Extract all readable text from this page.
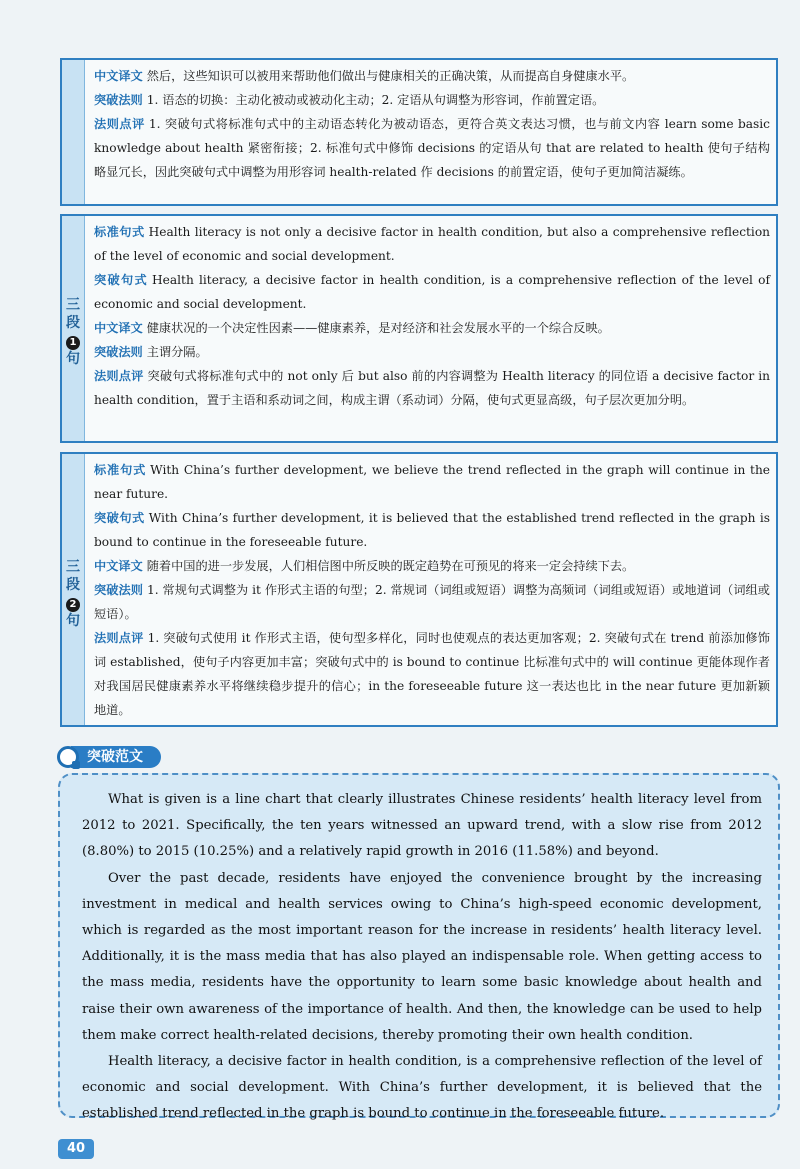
中文译文 然后，这些知识可以被用来帮助他们做出与健康相关的正确决策，从而提高自身健康水平。

突破法则 1. 语态的切换：主动化被动或被动化主动；2. 定语从句调整为形容词，作前置定语。

法则点评 1. 突破句式将标准句式中的主动语态转化为被动语态，更符合英文表达习惯，也与前文内容 learn some basic knowledge about health 紧密衔接；2. 标准句式中修饰 decisions 的定语从句 that are related to health 使句子结构略显冗长，因此突破句式中调整为用形容词 health-related 作 decisions 的前置定语，使句子更加简洁凝练。

三
段
1
句

标准句式 Health literacy is not only a decisive factor in health condition, but also a comprehensive reflection of the level of economic and social development.

突破句式 Health literacy, a decisive factor in health condition, is a comprehensive reflection of the level of economic and social development.

中文译文 健康状况的一个决定性因素——健康素养，是对经济和社会发展水平的一个综合反映。

突破法则 主谓分隔。

法则点评 突破句式将标准句式中的 not only 后 but also 前的内容调整为 Health literacy 的同位语 a decisive factor in health condition，置于主语和系动词之间，构成主谓（系动词）分隔，使句式更显高级，句子层次更加分明。

三
段
2
句

标准句式 With China’s further development, we believe the trend reflected in the graph will continue in the near future.

突破句式 With China’s further development, it is believed that the established trend reflected in the graph is bound to continue in the foreseeable future.

中文译文 随着中国的进一步发展，人们相信图中所反映的既定趋势在可预见的将来一定会持续下去。

突破法则 1. 常规句式调整为 it 作形式主语的句型；2. 常规词（词组或短语）调整为高频词（词组或短语）或地道词（词组或短语）。

法则点评 1. 突破句式使用 it 作形式主语，使句型多样化，同时也使观点的表达更加客观；2. 突破句式在 trend 前添加修饰词 established，使句子内容更加丰富；突破句式中的 is bound to continue 比标准句式中的 will continue 更能体现作者对我国居民健康素养水平将继续稳步提升的信心；in the foreseeable future 这一表达也比 in the near future 更加新颖地道。

突破范文

What is given is a line chart that clearly illustrates Chinese residents’ health literacy level from 2012 to 2021. Specifically, the ten years witnessed an upward trend, with a slow rise from 2012 (8.80%) to 2015 (10.25%) and a relatively rapid growth in 2016 (11.58%) and beyond.

Over the past decade, residents have enjoyed the convenience brought by the increasing investment in medical and health services owing to China’s high-speed economic development, which is regarded as the most important reason for the increase in residents’ health literacy level. Additionally, it is the mass media that has also played an indispensable role. When getting access to the mass media, residents have the opportunity to learn some basic knowledge about health and raise their own awareness of the importance of health. And then, the knowledge can be used to help them make correct health-related decisions, thereby promoting their own health condition.

Health literacy, a decisive factor in health condition, is a comprehensive reflection of the level of economic and social development. With China’s further development, it is believed that the established trend reflected in the graph is bound to continue in the foreseeable future.

40
